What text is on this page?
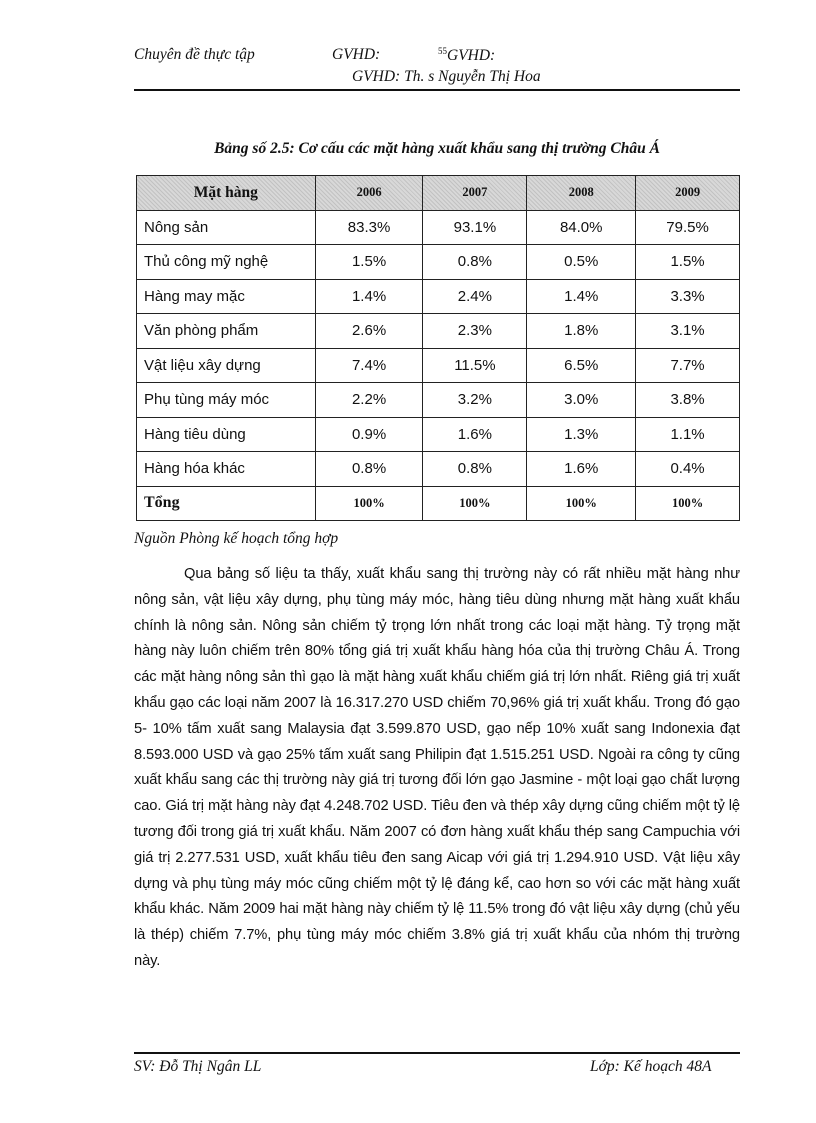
Chuyên đề thực tập	GVHD:	$^{55}$GVHD:
GVHD: Th. s Nguyễn Thị Hoa
Bảng số 2.5: Cơ cấu các mặt hàng xuất khẩu sang thị trường Châu Á
Mặt hàng	2006	2007	2008	2009
Nông sản	83.3%	93.1%	84.0%	79.5%
Thủ công mỹ nghệ	1.5%	0.8%	0.5%	1.5%
Hàng may mặc	1.4%	2.4%	1.4%	3.3%
Văn phòng phẩm	2.6%	2.3%	1.8%	3.1%
Vật liệu xây dựng	7.4%	11.5%	6.5%	7.7%
Phụ tùng máy móc	2.2%	3.2%	3.0%	3.8%
Hàng tiêu dùng	0.9%	1.6%	1.3%	1.1%
Hàng hóa khác	0.8%	0.8%	1.6%	0.4%
Tổng	100%	100%	100%	100%
Nguồn Phòng kế hoạch tổng hợp

Qua bảng số liệu ta thấy, xuất khẩu sang thị trường này có rất nhiều mặt hàng như nông sản, vật liệu xây dựng, phụ tùng máy móc, hàng tiêu dùng nhưng mặt hàng xuất khẩu chính là nông sản. Nông sản chiếm tỷ trọng lớn nhất trong các loại mặt hàng. Tỷ trọng mặt hàng này luôn chiếm trên 80% tổng giá trị xuất khẩu hàng hóa của thị trường Châu Á. Trong các mặt hàng nông sản thì gạo là mặt hàng xuất khẩu chiếm giá trị lớn nhất. Riêng giá trị xuất khẩu gạo các loại năm 2007 là 16.317.270 USD chiếm 70,96% giá trị xuất khẩu. Trong đó gạo 5- 10% tấm xuất sang Malaysia đạt 3.599.870 USD, gạo nếp 10% xuất sang Indonexia đạt 8.593.000 USD và gạo 25% tấm xuất sang Philipin đạt 1.515.251 USD. Ngoài ra công ty cũng xuất khẩu sang các thị trường này giá trị tương đối lớn gạo Jasmine - một loại gạo chất lượng cao. Giá trị mặt hàng này đạt 4.248.702 USD. Tiêu đen và thép xây dựng cũng chiếm một tỷ lệ tương đối trong giá trị xuất khẩu. Năm 2007 có đơn hàng xuất khẩu thép sang Campuchia với giá trị 2.277.531 USD, xuất khẩu tiêu đen sang Aicap với giá trị 1.294.910 USD. Vật liệu xây dựng và phụ tùng máy móc cũng chiếm một tỷ lệ đáng kể, cao hơn so với các mặt hàng xuất khẩu khác. Năm 2009 hai mặt hàng này chiếm tỷ lệ 11.5% trong đó vật liệu xây dựng (chủ yếu là thép) chiếm 7.7%, phụ tùng máy móc chiếm 3.8% giá trị xuất khẩu của nhóm thị trường này.

SV: Đỗ Thị Ngân LL	Lớp: Kế hoạch 48A
